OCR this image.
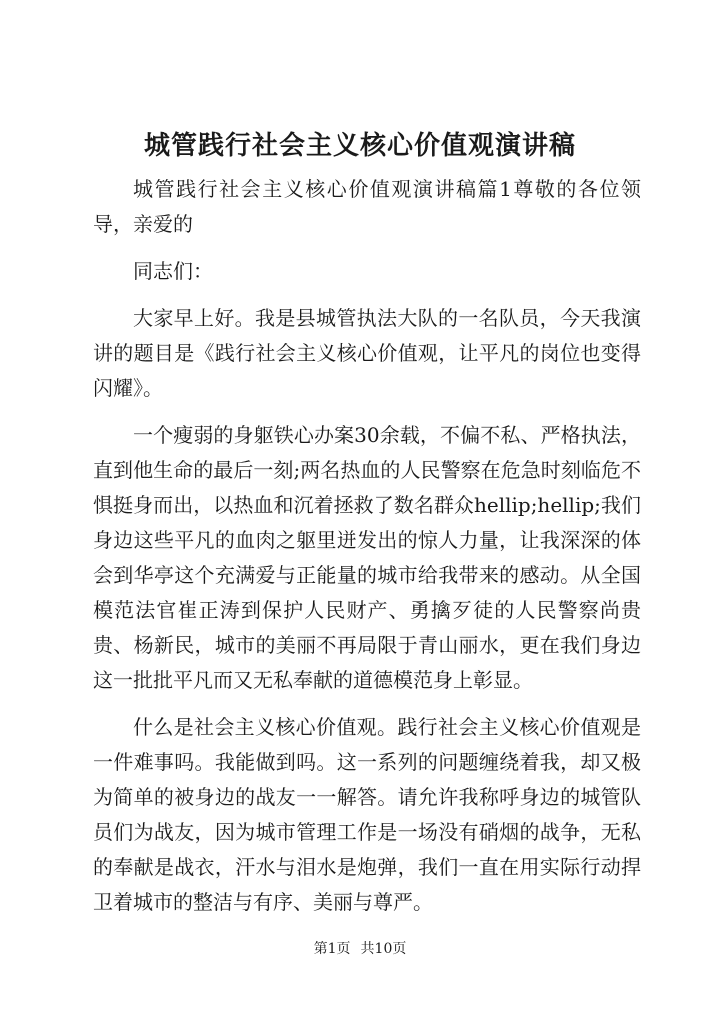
城管践行社会主义核心价值观演讲稿

城管践行社会主义核心价值观演讲稿篇1尊敬的各位领导，亲爱的

同志们：

大家早上好。我是县城管执法大队的一名队员，今天我演讲的题目是《践行社会主义核心价值观，让平凡的岗位也变得闪耀》。

一个瘦弱的身躯铁心办案30余载，不偏不私、严格执法，直到他生命的最后一刻;两名热血的人民警察在危急时刻临危不惧挺身而出，以热血和沉着拯救了数名群众hellip;hellip;我们身边这些平凡的血肉之躯里迸发出的惊人力量，让我深深的体会到华亭这个充满爱与正能量的城市给我带来的感动。从全国模范法官崔正涛到保护人民财产、勇擒歹徒的人民警察尚贵贵、杨新民，城市的美丽不再局限于青山丽水，更在我们身边这一批批平凡而又无私奉献的道德模范身上彰显。

什么是社会主义核心价值观。践行社会主义核心价值观是一件难事吗。我能做到吗。这一系列的问题缠绕着我，却又极为简单的被身边的战友一一解答。请允许我称呼身边的城管队员们为战友，因为城市管理工作是一场没有硝烟的战争，无私的奉献是战衣，汗水与泪水是炮弹，我们一直在用实际行动捍卫着城市的整洁与有序、美丽与尊严。

第1页 共10页
